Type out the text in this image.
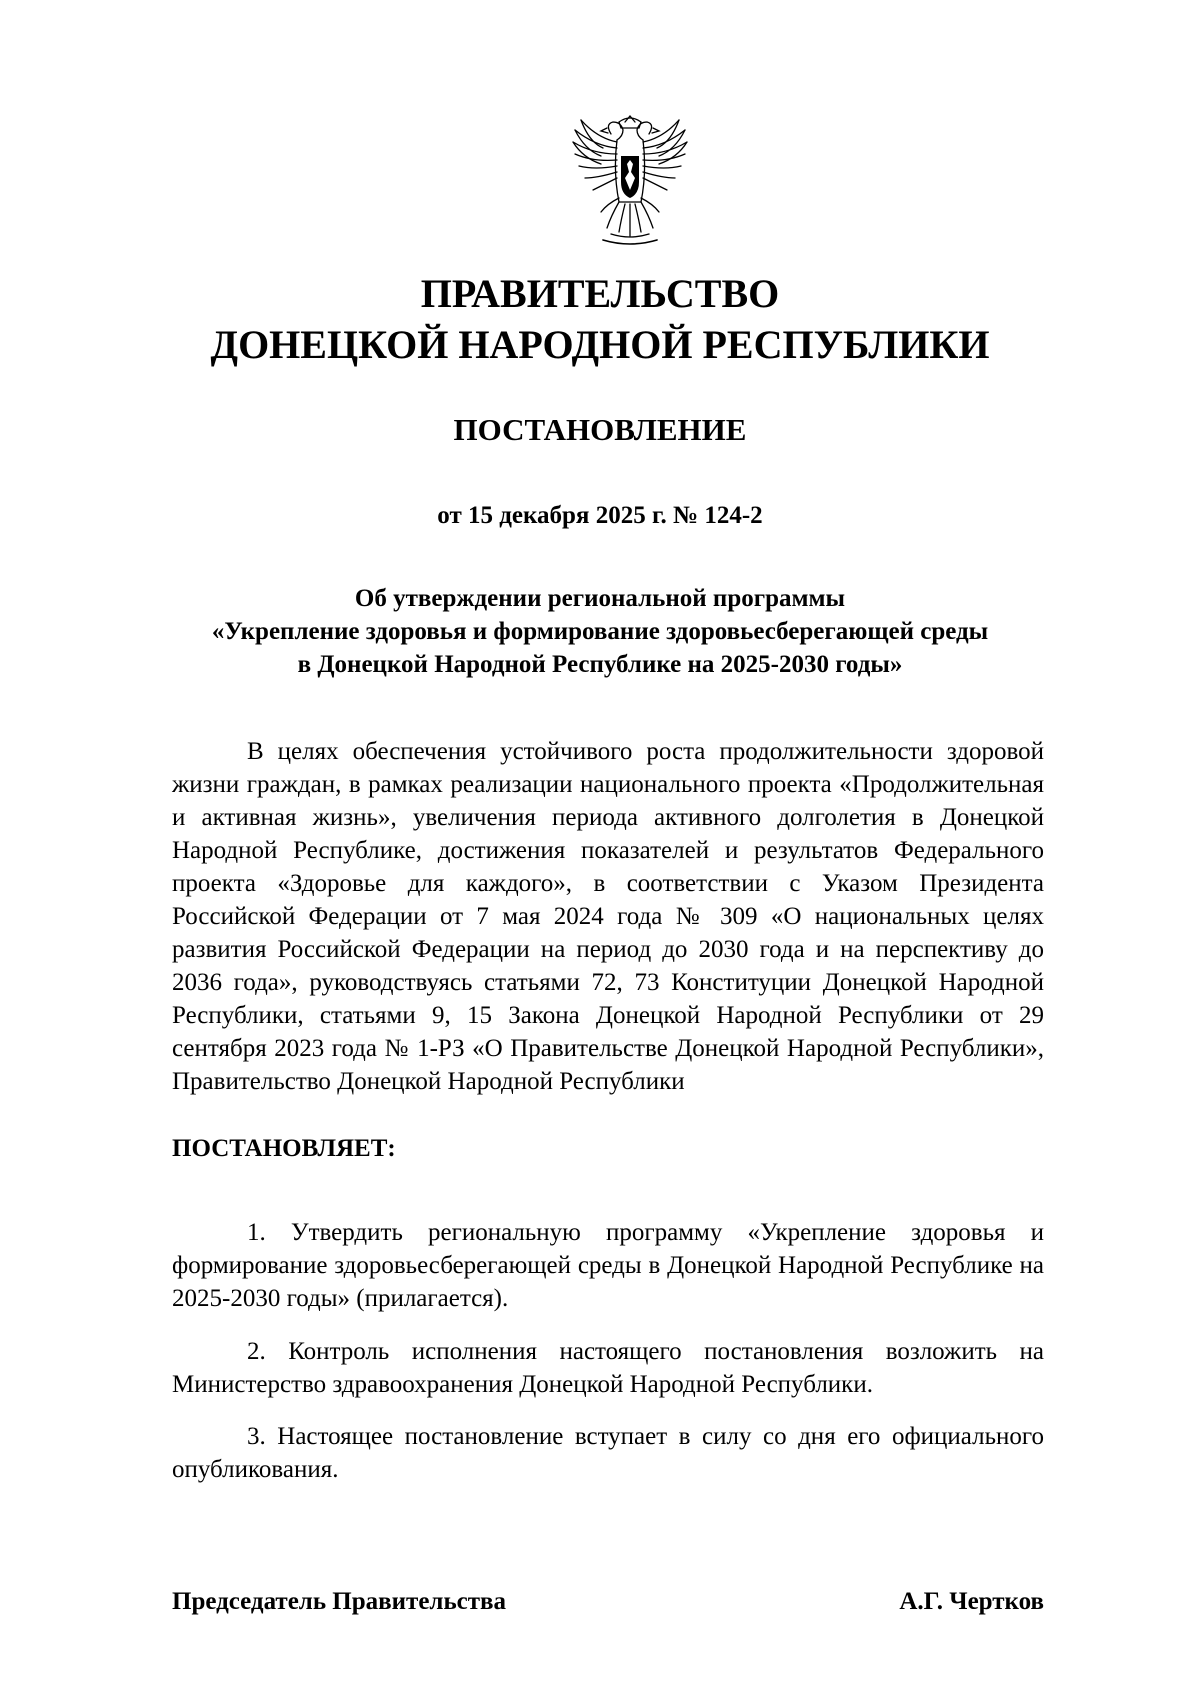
ПРАВИТЕЛЬСТВО
ДОНЕЦКОЙ НАРОДНОЙ РЕСПУБЛИКИ
ПОСТАНОВЛЕНИЕ
от 15 декабря 2025 г. № 124-2
Об утверждении региональной программы
«Укрепление здоровья и формирование здоровьесберегающей среды
в Донецкой Народной Республике на 2025-2030 годы»
В целях обеспечения устойчивого роста продолжительности здоровой жизни граждан, в рамках реализации национального проекта «Продолжительная и активная жизнь», увеличения периода активного долголетия в Донецкой Народной Республике, достижения показателей и результатов Федерального проекта «Здоровье для каждого», в соответствии с Указом Президента Российской Федерации от 7 мая 2024 года № 309 «О национальных целях развития Российской Федерации на период до 2030 года и на перспективу до 2036 года», руководствуясь статьями 72, 73 Конституции Донецкой Народной Республики, статьями 9, 15 Закона Донецкой Народной Республики от 29 сентября 2023 года № 1-РЗ «О Правительстве Донецкой Народной Республики», Правительство Донецкой Народной Республики
ПОСТАНОВЛЯЕТ:
1. Утвердить региональную программу «Укрепление здоровья и формирование здоровьесберегающей среды в Донецкой Народной Республике на 2025-2030 годы» (прилагается).
2. Контроль исполнения настоящего постановления возложить на Министерство здравоохранения Донецкой Народной Республики.
3. Настоящее постановление вступает в силу со дня его официального опубликования.
Председатель Правительства	А.Г. Чертков
